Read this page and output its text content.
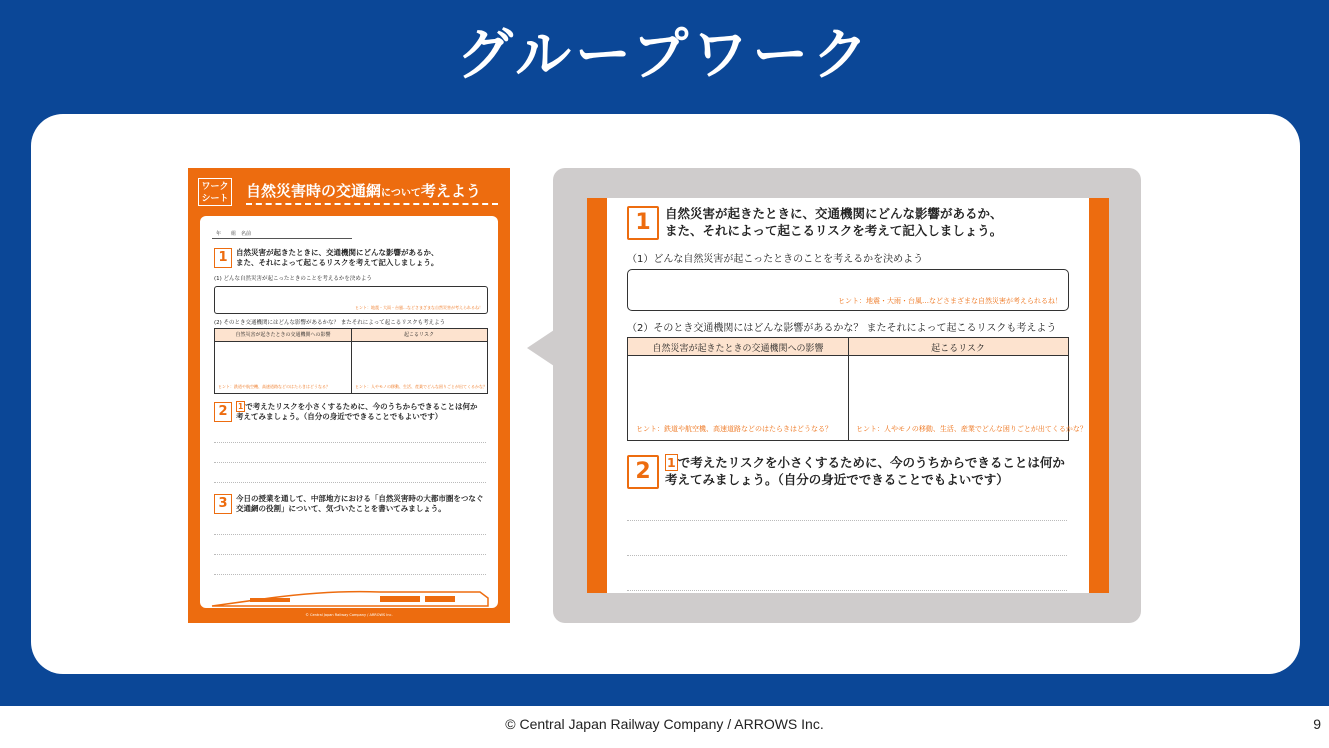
グループワーク
ワーク
シート 自然災害時の交通網について考えよう
年　　組　名前
1	自然災害が起きたときに、交通機関にどんな影響があるか、
また、それによって起こるリスクを考えて記入しましょう。
(1) どんな自然災害が起こったときのことを考えるかを決めよう
ヒント：地震・大雨・台風…などさまざまな自然災害が考えられるね！
(2) そのとき交通機関にはどんな影響があるかな？ またそれによって起こるリスクも考えよう
自然災害が起きたときの交通機関への影響	起こるリスク
ヒント：鉄道や航空機、高速道路などのはたらきはどうなる？	ヒント：人やモノの移動、生活、産業でどんな困りごとが出てくるかな？
2	1 で考えたリスクを小さくするために、今のうちからできることは何か
考えてみましょう。（自分の身近でできることでもよいです）
3	今日の授業を通して、中部地方における「自然災害時の大都市圏をつなぐ
交通網の役割」について、気づいたことを書いてみましょう。
© Central Japan Railway Company / ARROWS Inc.
1	自然災害が起きたときに、交通機関にどんな影響があるか、
また、それによって起こるリスクを考えて記入しましょう。
（1）どんな自然災害が起こったときのことを考えるかを決めよう
ヒント：地震・大雨・台風…などさまざまな自然災害が考えられるね！
（2）そのとき交通機関にはどんな影響があるかな？ またそれによって起こるリスクも考えよう
自然災害が起きたときの交通機関への影響	起こるリスク
ヒント：鉄道や航空機、高速道路などのはたらきはどうなる？	ヒント：人やモノの移動、生活、産業でどんな困りごとが出てくるかな？
2	1 で考えたリスクを小さくするために、今のうちからできることは何か
考えてみましょう。（自分の身近でできることでもよいです）
© Central Japan Railway Company / ARROWS Inc.	9
